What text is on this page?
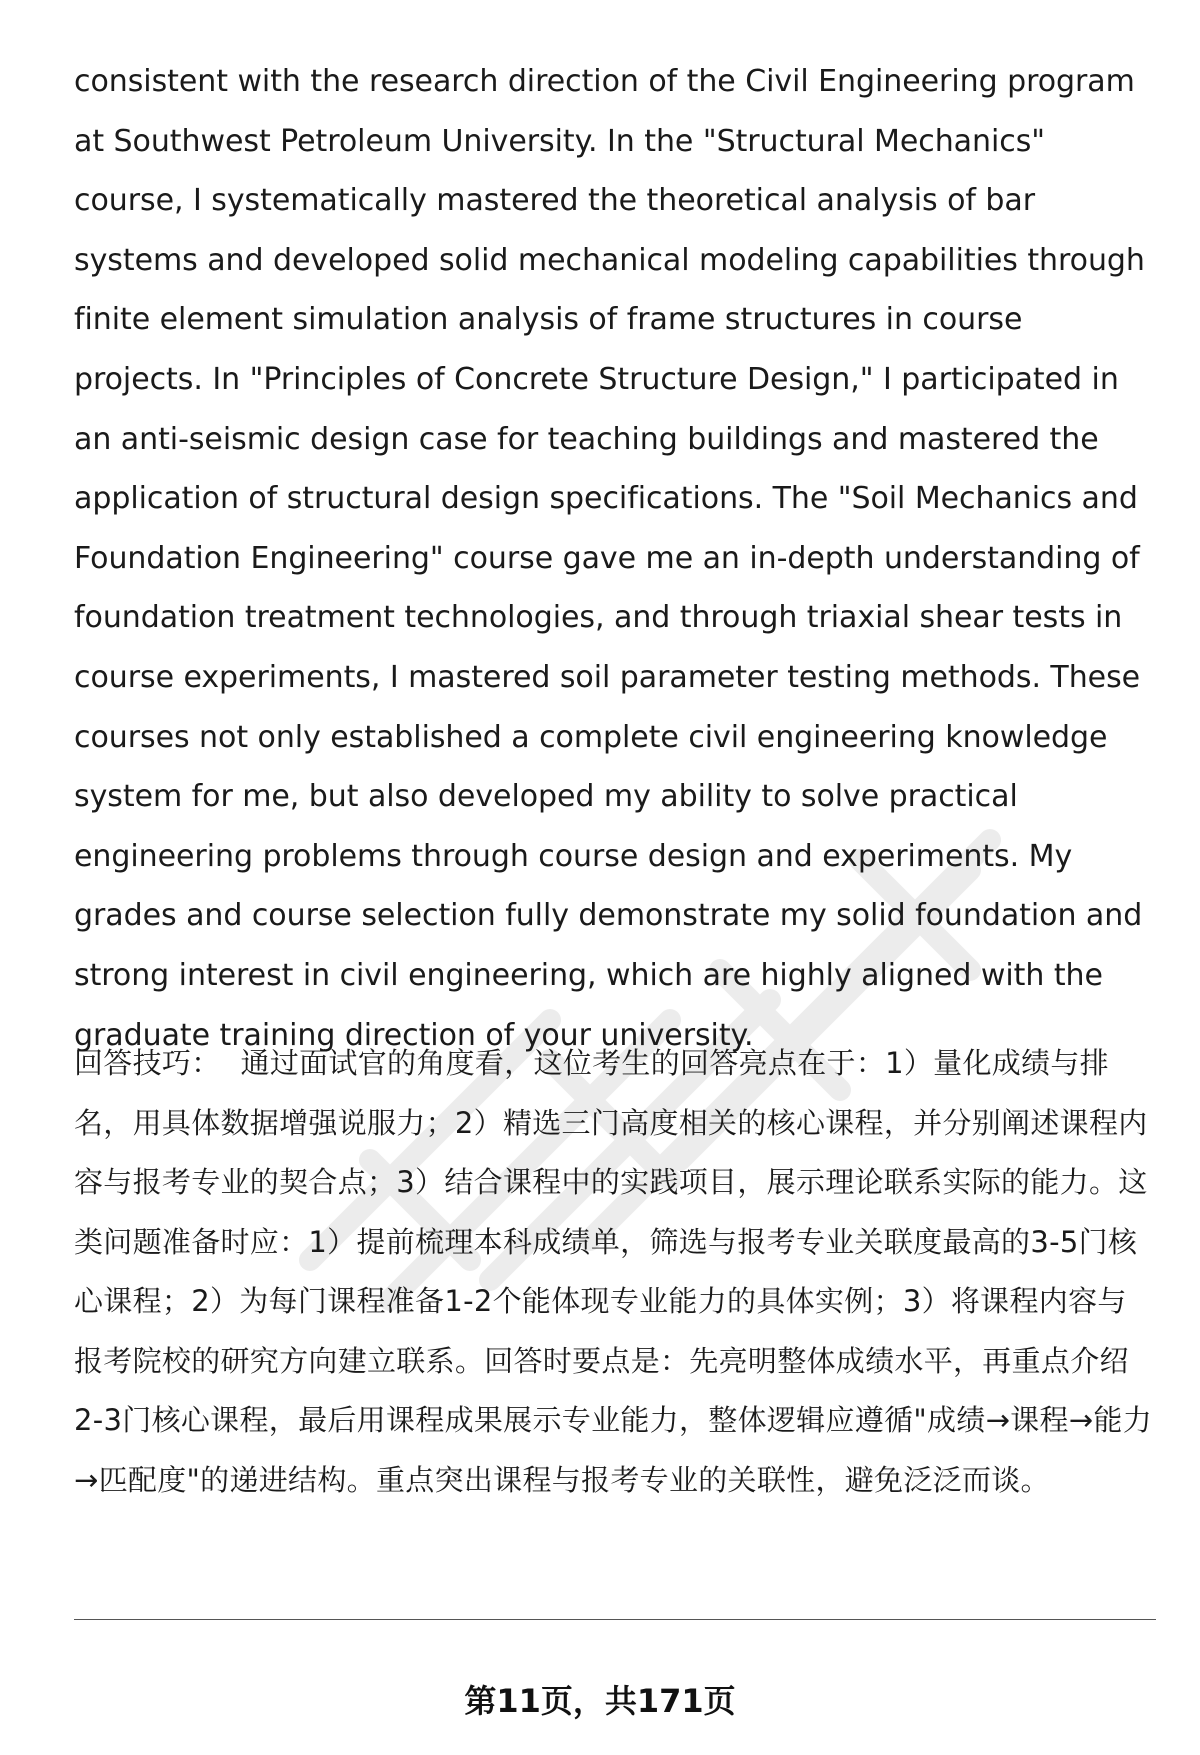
consistent with the research direction of the Civil Engineering program at Southwest Petroleum University. In the "Structural Mechanics" course, I systematically mastered the theoretical analysis of bar systems and developed solid mechanical modeling capabilities through finite element simulation analysis of frame structures in course projects. In "Principles of Concrete Structure Design," I participated in an anti-seismic design case for teaching buildings and mastered the application of structural design specifications. The "Soil Mechanics and Foundation Engineering" course gave me an in-depth understanding of foundation treatment technologies, and through triaxial shear tests in course experiments, I mastered soil parameter testing methods. These courses not only established a complete civil engineering knowledge system for me, but also developed my ability to solve practical engineering problems through course design and experiments. My grades and course selection fully demonstrate my solid foundation and strong interest in civil engineering, which are highly aligned with the graduate training direction of your university.

回答技巧： 通过面试官的角度看，这位考生的回答亮点在于：1）量化成绩与排名，用具体数据增强说服力；2）精选三门高度相关的核心课程，并分别阐述课程内容与报考专业的契合点；3）结合课程中的实践项目，展示理论联系实际的能力。这类问题准备时应：1）提前梳理本科成绩单，筛选与报考专业关联度最高的3-5门核心课程；2）为每门课程准备1-2个能体现专业能力的具体实例；3）将课程内容与报考院校的研究方向建立联系。回答时要点是：先亮明整体成绩水平，再重点介绍2-3门核心课程，最后用课程成果展示专业能力，整体逻辑应遵循"成绩→课程→能力→匹配度"的递进结构。重点突出课程与报考专业的关联性，避免泛泛而谈。

第11页，共171页
